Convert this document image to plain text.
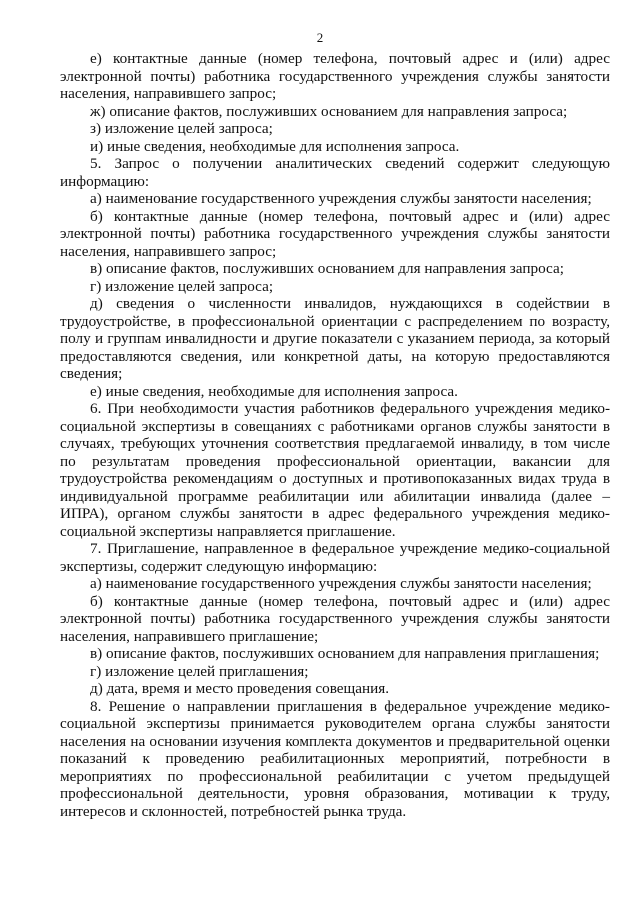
2

е) контактные данные (номер телефона, почтовый адрес и (или) адрес электронной почты) работника государственного учреждения службы занятости населения, направившего запрос;

ж) описание фактов, послуживших основанием для направления запроса;

з) изложение целей запроса;

и) иные сведения, необходимые для исполнения запроса.

5. Запрос о получении аналитических сведений содержит следующую информацию:

а) наименование государственного учреждения службы занятости населения;

б) контактные данные (номер телефона, почтовый адрес и (или) адрес электронной почты) работника государственного учреждения службы занятости населения, направившего запрос;

в) описание фактов, послуживших основанием для направления запроса;

г) изложение целей запроса;

д) сведения о численности инвалидов, нуждающихся в содействии в трудоустройстве, в профессиональной ориентации с распределением по возрасту, полу и группам инвалидности и другие показатели с указанием периода, за который предоставляются сведения, или конкретной даты, на которую предоставляются сведения;

е) иные сведения, необходимые для исполнения запроса.

6. При необходимости участия работников федерального учреждения медико-социальной экспертизы в совещаниях с работниками органов службы занятости в случаях, требующих уточнения соответствия предлагаемой инвалиду, в том числе по результатам проведения профессиональной ориентации, вакансии для трудоустройства рекомендациям о доступных и противопоказанных видах труда в индивидуальной программе реабилитации или абилитации инвалида (далее – ИПРА), органом службы занятости в адрес федерального учреждения медико-социальной экспертизы направляется приглашение.

7. Приглашение, направленное в федеральное учреждение медико-социальной экспертизы, содержит следующую информацию:

а) наименование государственного учреждения службы занятости населения;

б) контактные данные (номер телефона, почтовый адрес и (или) адрес электронной почты) работника государственного учреждения службы занятости населения, направившего приглашение;

в) описание фактов, послуживших основанием для направления приглашения;

г) изложение целей приглашения;

д) дата, время и место проведения совещания.

8. Решение о направлении приглашения в федеральное учреждение медико-социальной экспертизы принимается руководителем органа службы занятости населения на основании изучения комплекта документов и предварительной оценки показаний к проведению реабилитационных мероприятий, потребности в мероприятиях по профессиональной реабилитации с учетом предыдущей профессиональной деятельности, уровня образования, мотивации к труду, интересов и склонностей, потребностей рынка труда.
